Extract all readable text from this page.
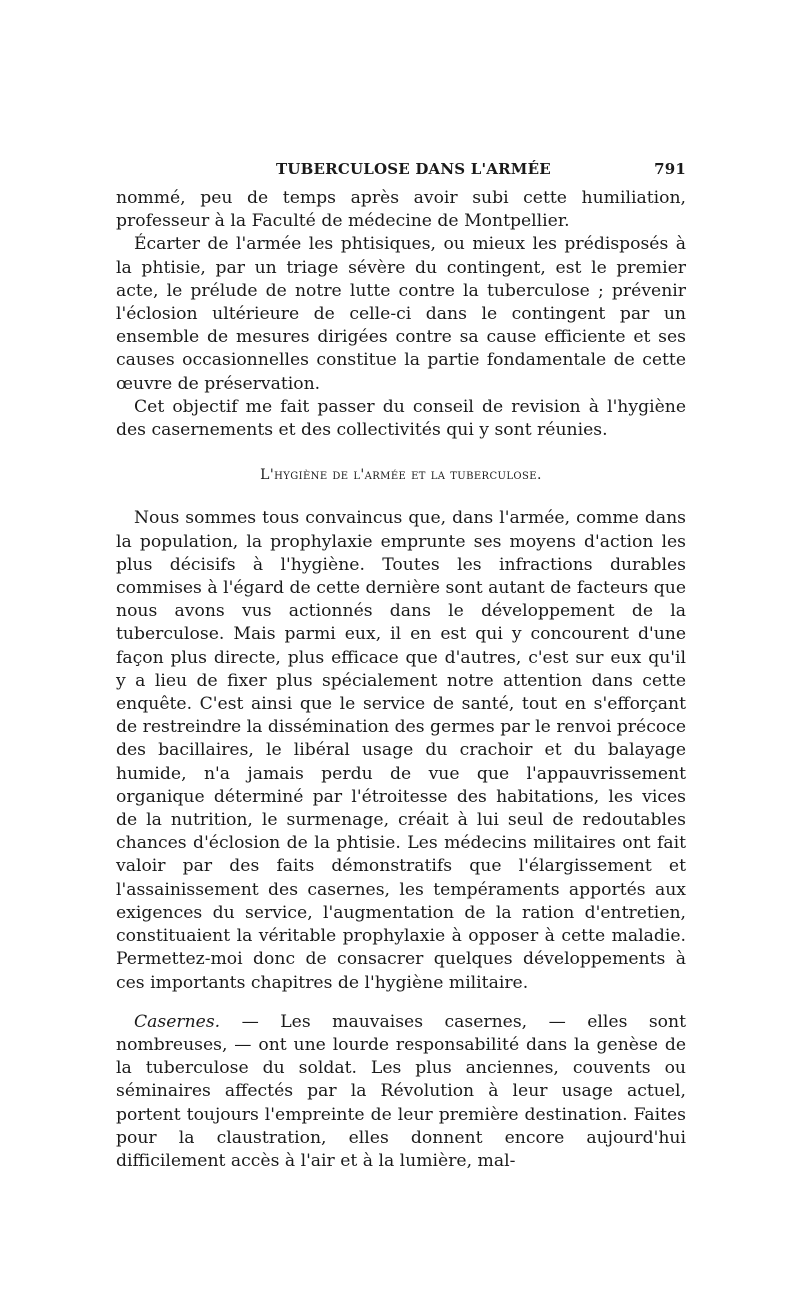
TUBERCULOSE DANS L'ARMÉE	791

nommé, peu de temps après avoir subi cette humiliation, professeur à la Faculté de médecine de Montpellier.

Écarter de l'armée les phtisiques, ou mieux les prédisposés à la phtisie, par un triage sévère du contingent, est le premier acte, le prélude de notre lutte contre la tuberculose ; prévenir l'éclosion ultérieure de celle-ci dans le contingent par un ensemble de mesures dirigées contre sa cause efficiente et ses causes occasionnelles constitue la partie fondamentale de cette œuvre de préservation.

Cet objectif me fait passer du conseil de revision à l'hygiène des casernements et des collectivités qui y sont réunies.

L'hygiène de l'armée et la tuberculose.

Nous sommes tous convaincus que, dans l'armée, comme dans la population, la prophylaxie emprunte ses moyens d'action les plus décisifs à l'hygiène. Toutes les infractions durables commises à l'égard de cette dernière sont autant de facteurs que nous avons vus actionnés dans le développement de la tuberculose. Mais parmi eux, il en est qui y concourent d'une façon plus directe, plus efficace que d'autres, c'est sur eux qu'il y a lieu de fixer plus spécialement notre attention dans cette enquête. C'est ainsi que le service de santé, tout en s'efforçant de restreindre la dissémination des germes par le renvoi précoce des bacillaires, le libéral usage du crachoir et du balayage humide, n'a jamais perdu de vue que l'appauvrissement organique déterminé par l'étroitesse des habitations, les vices de la nutrition, le surmenage, créait à lui seul de redoutables chances d'éclosion de la phtisie. Les médecins militaires ont fait valoir par des faits démonstratifs que l'élargissement et l'assainissement des casernes, les tempéraments apportés aux exigences du service, l'augmentation de la ration d'entretien, constituaient la véritable prophylaxie à opposer à cette maladie. Permettez-moi donc de consacrer quelques développements à ces importants chapitres de l'hygiène militaire.

Casernes. — Les mauvaises casernes, — elles sont nombreuses, — ont une lourde responsabilité dans la genèse de la tuberculose du soldat. Les plus anciennes, couvents ou séminaires affectés par la Révolution à leur usage actuel, portent toujours l'empreinte de leur première destination. Faites pour la claustration, elles donnent encore aujourd'hui difficilement accès à l'air et à la lumière, mal-
